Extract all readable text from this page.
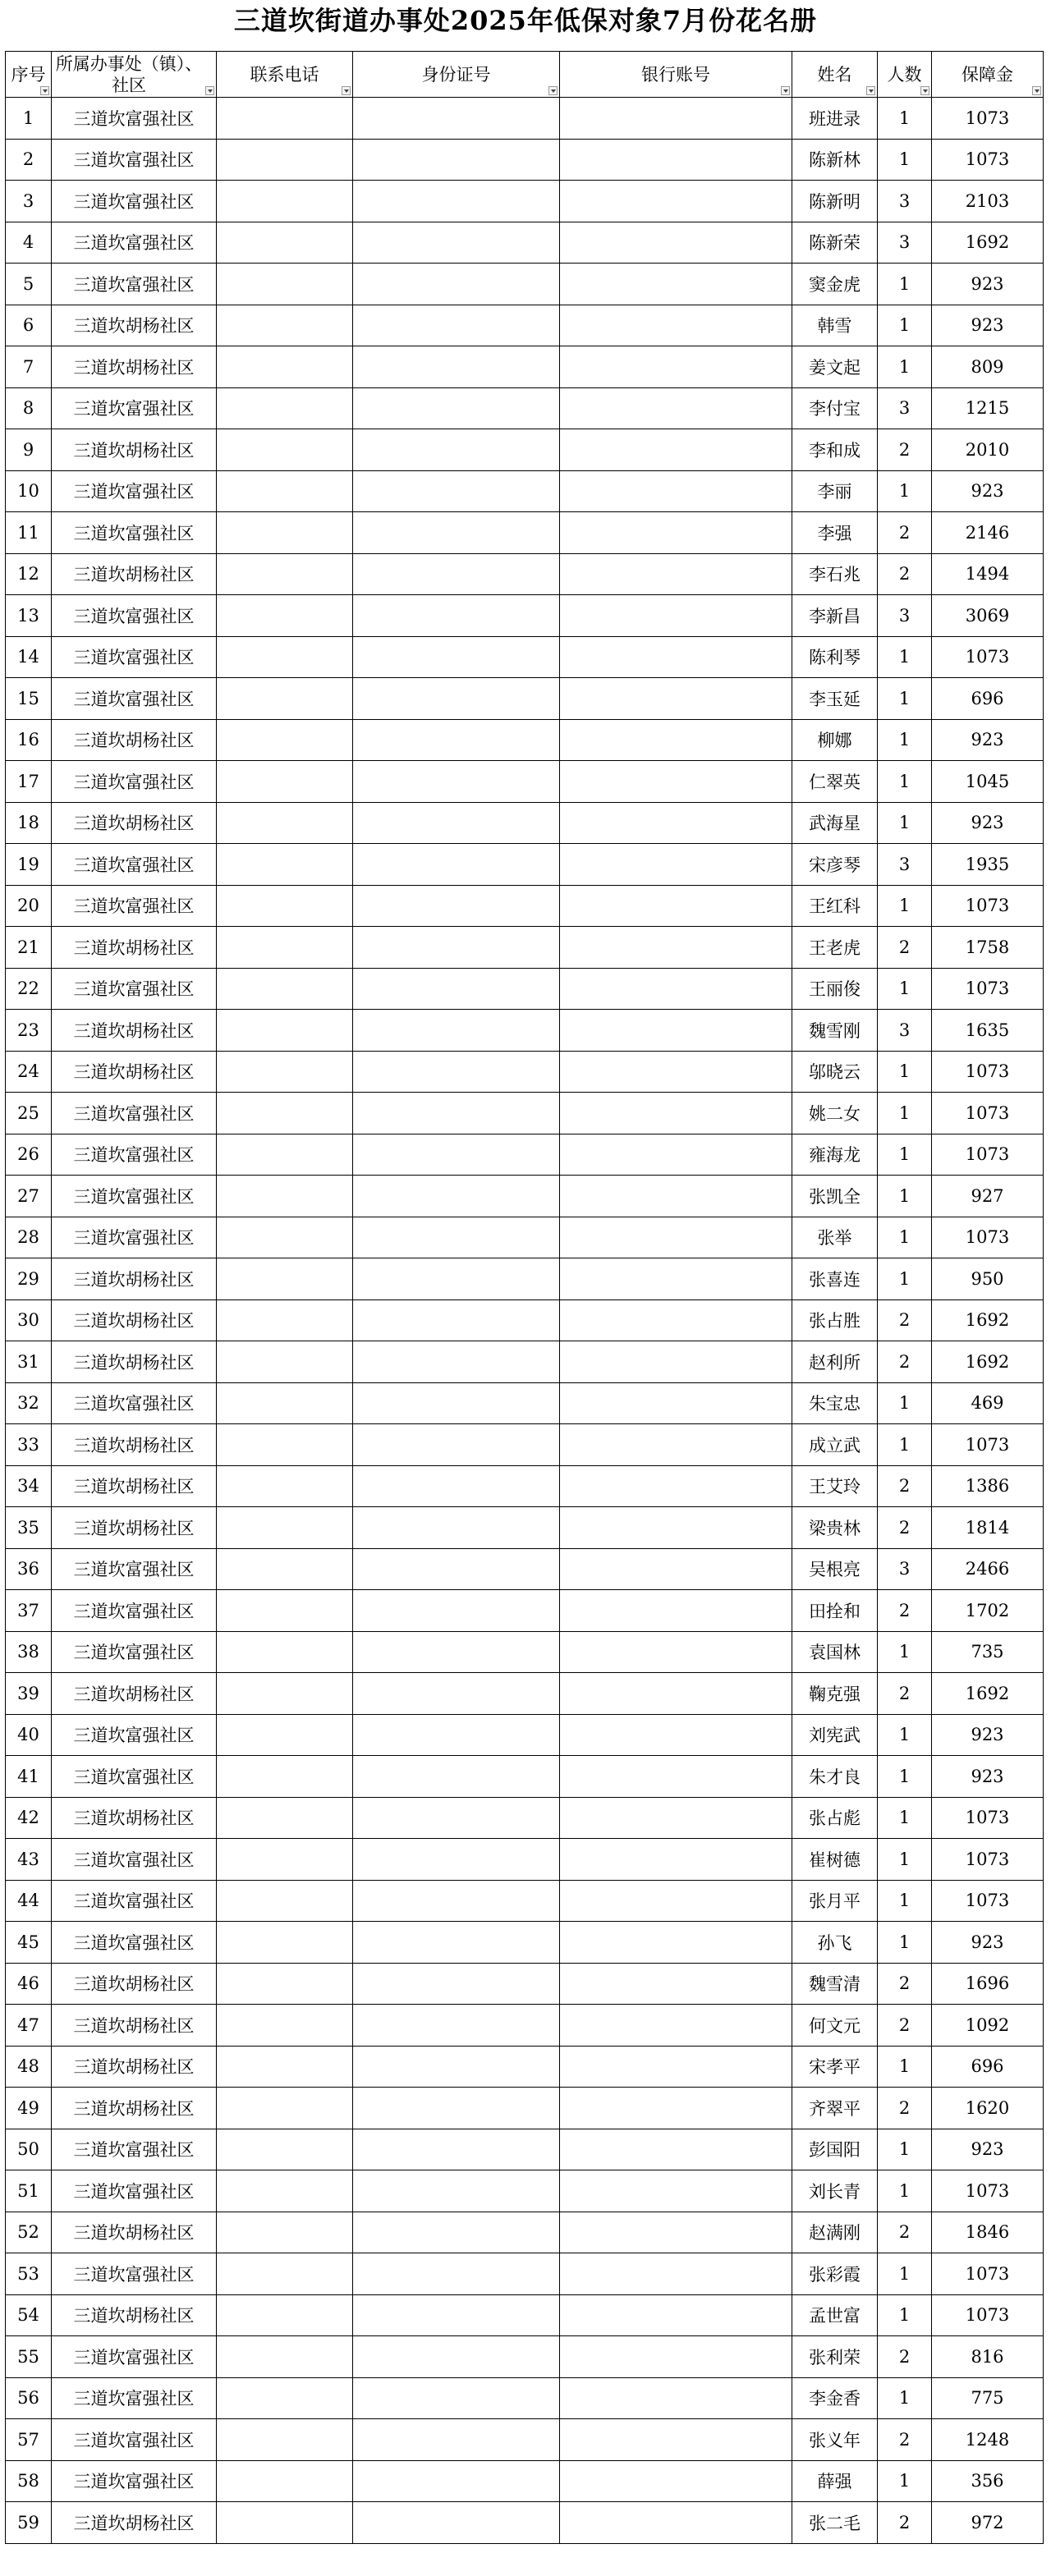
三道坎街道办事处2025年低保对象7月份花名册
序号	所属办事处（镇）、社区	联系电话	身份证号	银行账号	姓名	人数	保障金

1	三道坎富强社区				班进录	1	1073
2	三道坎富强社区				陈新林	1	1073
3	三道坎富强社区				陈新明	3	2103
4	三道坎富强社区				陈新荣	3	1692
5	三道坎富强社区				窦金虎	1	923
6	三道坎胡杨社区				韩雪	1	923
7	三道坎胡杨社区				姜文起	1	809
8	三道坎富强社区				李付宝	3	1215
9	三道坎胡杨社区				李和成	2	2010
10	三道坎富强社区				李丽	1	923
11	三道坎富强社区				李强	2	2146
12	三道坎胡杨社区				李石兆	2	1494
13	三道坎富强社区				李新昌	3	3069
14	三道坎富强社区				陈利琴	1	1073
15	三道坎富强社区				李玉延	1	696
16	三道坎胡杨社区				柳娜	1	923
17	三道坎富强社区				仁翠英	1	1045
18	三道坎胡杨社区				武海星	1	923
19	三道坎富强社区				宋彦琴	3	1935
20	三道坎富强社区				王红科	1	1073
21	三道坎胡杨社区				王老虎	2	1758
22	三道坎富强社区				王丽俊	1	1073
23	三道坎胡杨社区				魏雪刚	3	1635
24	三道坎胡杨社区				邬晓云	1	1073
25	三道坎富强社区				姚二女	1	1073
26	三道坎富强社区				雍海龙	1	1073
27	三道坎富强社区				张凯全	1	927
28	三道坎富强社区				张举	1	1073
29	三道坎胡杨社区				张喜连	1	950
30	三道坎胡杨社区				张占胜	2	1692
31	三道坎胡杨社区				赵利所	2	1692
32	三道坎富强社区				朱宝忠	1	469
33	三道坎胡杨社区				成立武	1	1073
34	三道坎胡杨社区				王艾玲	2	1386
35	三道坎胡杨社区				梁贵林	2	1814
36	三道坎富强社区				吴根亮	3	2466
37	三道坎富强社区				田拴和	2	1702
38	三道坎富强社区				袁国林	1	735
39	三道坎胡杨社区				鞠克强	2	1692
40	三道坎富强社区				刘宪武	1	923
41	三道坎富强社区				朱才良	1	923
42	三道坎胡杨社区				张占彪	1	1073
43	三道坎富强社区				崔树德	1	1073
44	三道坎富强社区				张月平	1	1073
45	三道坎富强社区				孙飞	1	923
46	三道坎胡杨社区				魏雪清	2	1696
47	三道坎胡杨社区				何文元	2	1092
48	三道坎胡杨社区				宋孝平	1	696
49	三道坎胡杨社区				齐翠平	2	1620
50	三道坎富强社区				彭国阳	1	923
51	三道坎富强社区				刘长青	1	1073
52	三道坎胡杨社区				赵满刚	2	1846
53	三道坎富强社区				张彩霞	1	1073
54	三道坎胡杨社区				孟世富	1	1073
55	三道坎富强社区				张利荣	2	816
56	三道坎富强社区				李金香	1	775
57	三道坎富强社区				张义年	2	1248
58	三道坎富强社区				薛强	1	356
59	三道坎胡杨社区				张二毛	2	972
